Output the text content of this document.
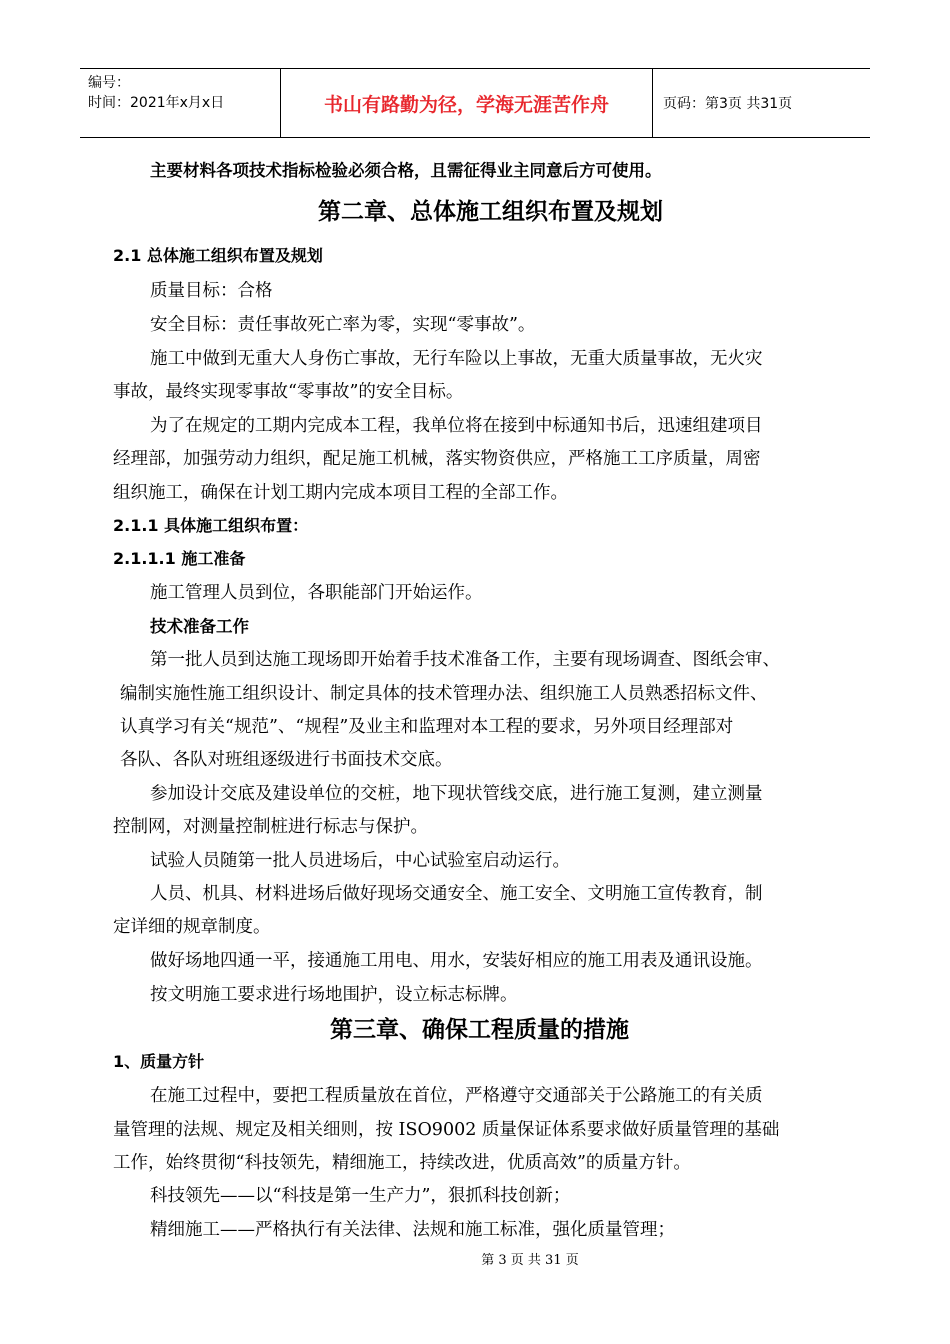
编号：
时间：2021年x月x日	书山有路勤为径，学海无涯苦作舟	页码：第3页 共31页
主要材料各项技术指标检验必须合格，且需征得业主同意后方可使用。
第二章、总体施工组织布置及规划
2.1 总体施工组织布置及规划
质量目标：合格
安全目标：责任事故死亡率为零，实现“零事故”。
施工中做到无重大人身伤亡事故，无行车险以上事故，无重大质量事故，无火灾
事故，最终实现零事故“零事故”的安全目标。
为了在规定的工期内完成本工程，我单位将在接到中标通知书后，迅速组建项目
经理部，加强劳动力组织，配足施工机械，落实物资供应，严格施工工序质量，周密
组织施工，确保在计划工期内完成本项目工程的全部工作。
2.1.1 具体施工组织布置：
2.1.1.1 施工准备
施工管理人员到位，各职能部门开始运作。
技术准备工作
第一批人员到达施工现场即开始着手技术准备工作，主要有现场调查、图纸会审、
编制实施性施工组织设计、制定具体的技术管理办法、组织施工人员熟悉招标文件、
认真学习有关“规范”、“规程”及业主和监理对本工程的要求，另外项目经理部对
各队、各队对班组逐级进行书面技术交底。
参加设计交底及建设单位的交桩，地下现状管线交底，进行施工复测，建立测量
控制网，对测量控制桩进行标志与保护。
试验人员随第一批人员进场后，中心试验室启动运行。
人员、机具、材料进场后做好现场交通安全、施工安全、文明施工宣传教育，制
定详细的规章制度。
做好场地四通一平，接通施工用电、用水，安装好相应的施工用表及通讯设施。
按文明施工要求进行场地围护，设立标志标牌。
第三章、确保工程质量的措施
1、质量方针
在施工过程中，要把工程质量放在首位，严格遵守交通部关于公路施工的有关质
量管理的法规、规定及相关细则，按 ISO9002 质量保证体系要求做好质量管理的基础
工作，始终贯彻“科技领先，精细施工，持续改进，优质高效”的质量方针。
科技领先——以“科技是第一生产力”，狠抓科技创新；
精细施工——严格执行有关法律、法规和施工标准，强化质量管理；
第 3 页 共 31 页
